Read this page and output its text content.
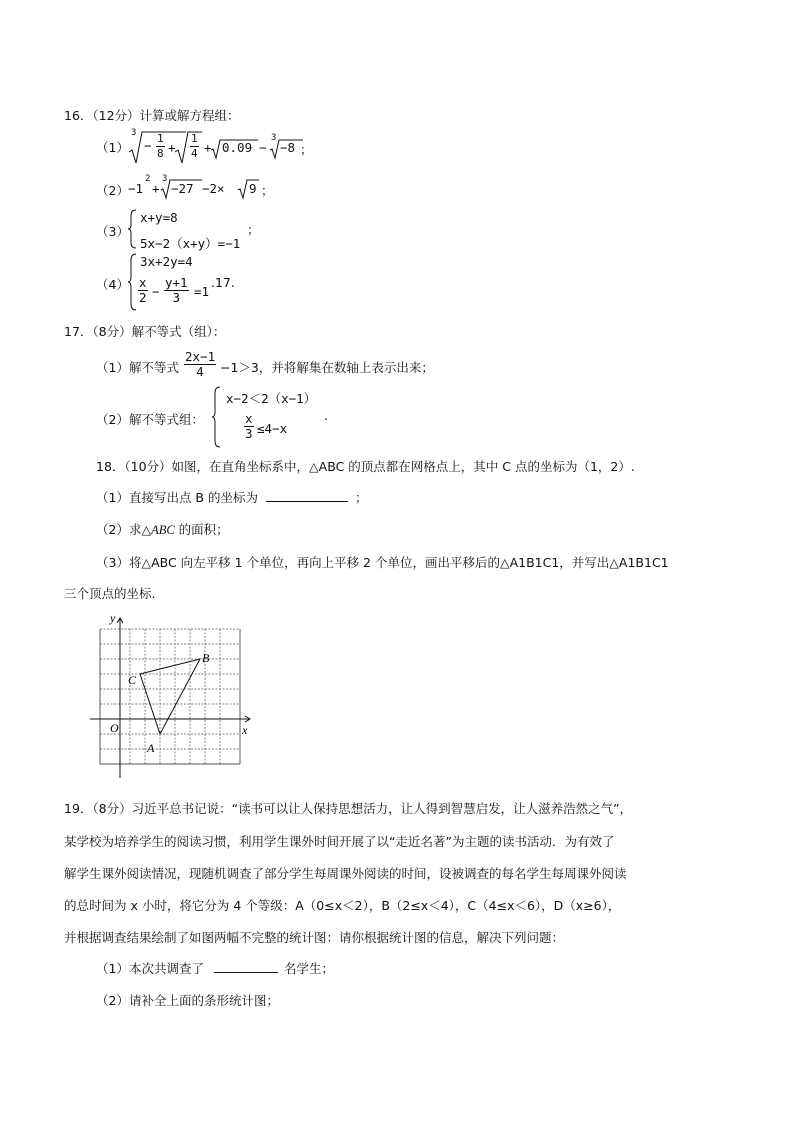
16．（12分）计算或解方程组：
（1）
3
− $\frac{1}{8} + \frac{1}{4} + 0.09$ −
3
−8 ；
（2） −1
2
+
3
−27 −2× 9 ；
（3）
x+y=8
5x−2（x+y）=−1
；
（4）
3x+2y=4
$\frac{x}{2} - \frac{y+1}{3} =1$
.17.
17．（8分）解不等式（组）：
（1）解不等式 $\frac{2x-1}{4} -1>3$，并将解集在数轴上表示出来；
（2）解不等式组：
x−2＜2（x−1）
$\frac{x}{3} \le 4-x$
.
18．（10分）如图，在直角坐标系中，△ABC 的顶点都在网格点上，其中 C 点的坐标为（1，2）.
（1）直接写出点 B 的坐标为	；
（2）求△ABC 的面积；
（3）将△ABC 向左平移 1 个单位，再向上平移 2 个单位，画出平移后的△A1B1C1，并写出△A1B1C1
三个顶点的坐标.
y
x
O
A
B
C
19．（8分）习近平总书记说：“读书可以让人保持思想活力，让人得到智慧启发，让人滋养浩然之气”，
某学校为培养学生的阅读习惯，利用学生课外时间开展了以“走近名著”为主题的读书活动．为有效了
解学生课外阅读情况，现随机调查了部分学生每周课外阅读的时间，设被调查的每名学生每周课外阅读
的总时间为 x 小时，将它分为 4 个等级：A（0≤x＜2），B（2≤x＜4），C（4≤x＜6），D（x≥6），
并根据调查结果绘制了如图两幅不完整的统计图：请你根据统计图的信息，解决下列问题：
（1）本次共调查了	名学生；
（2）请补全上面的条形统计图；
